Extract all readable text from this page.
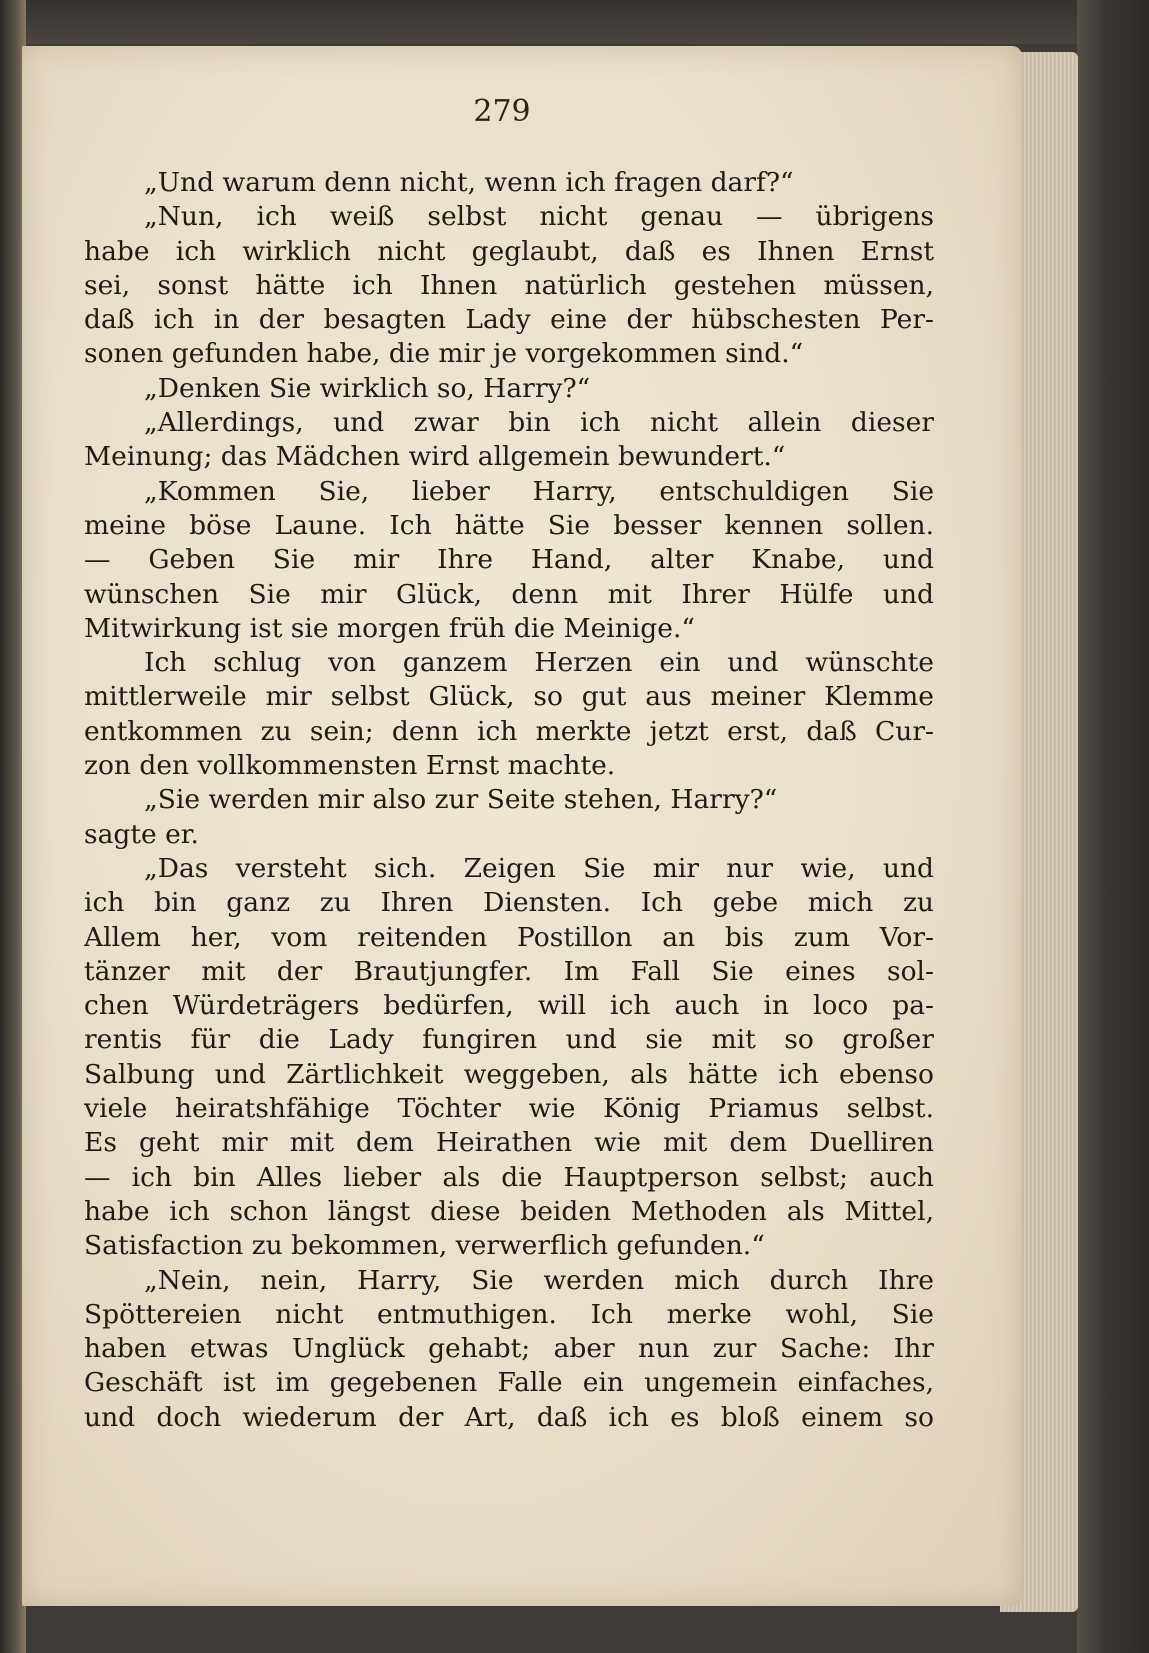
279
„Und warum denn nicht, wenn ich fragen darf?“
„Nun, ich weiß selbst nicht genau — übrigens
habe ich wirklich nicht geglaubt, daß es Ihnen Ernst
sei, sonst hätte ich Ihnen natürlich gestehen müssen,
daß ich in der besagten Lady eine der hübschesten Per-
sonen gefunden habe, die mir je vorgekommen sind.“
„Denken Sie wirklich so, Harry?“
„Allerdings, und zwar bin ich nicht allein dieser
Meinung; das Mädchen wird allgemein bewundert.“
„Kommen Sie, lieber Harry, entschuldigen Sie
meine böse Laune. Ich hätte Sie besser kennen sollen.
— Geben Sie mir Ihre Hand, alter Knabe, und
wünschen Sie mir Glück, denn mit Ihrer Hülfe und
Mitwirkung ist sie morgen früh die Meinige.“
Ich schlug von ganzem Herzen ein und wünschte
mittlerweile mir selbst Glück, so gut aus meiner Klemme
entkommen zu sein; denn ich merkte jetzt erst, daß Cur-
zon den vollkommensten Ernst machte.
„Sie werden mir also zur Seite stehen, Harry?“
sagte er.
„Das versteht sich. Zeigen Sie mir nur wie, und
ich bin ganz zu Ihren Diensten. Ich gebe mich zu
Allem her, vom reitenden Postillon an bis zum Vor-
tänzer mit der Brautjungfer. Im Fall Sie eines sol-
chen Würdeträgers bedürfen, will ich auch in loco pa-
rentis für die Lady fungiren und sie mit so großer
Salbung und Zärtlichkeit weggeben, als hätte ich ebenso
viele heiratshfähige Töchter wie König Priamus selbst.
Es geht mir mit dem Heirathen wie mit dem Duelliren
— ich bin Alles lieber als die Hauptperson selbst; auch
habe ich schon längst diese beiden Methoden als Mittel,
Satisfaction zu bekommen, verwerflich gefunden.“
„Nein, nein, Harry, Sie werden mich durch Ihre
Spöttereien nicht entmuthigen. Ich merke wohl, Sie
haben etwas Unglück gehabt; aber nun zur Sache: Ihr
Geschäft ist im gegebenen Falle ein ungemein einfaches,
und doch wiederum der Art, daß ich es bloß einem so
